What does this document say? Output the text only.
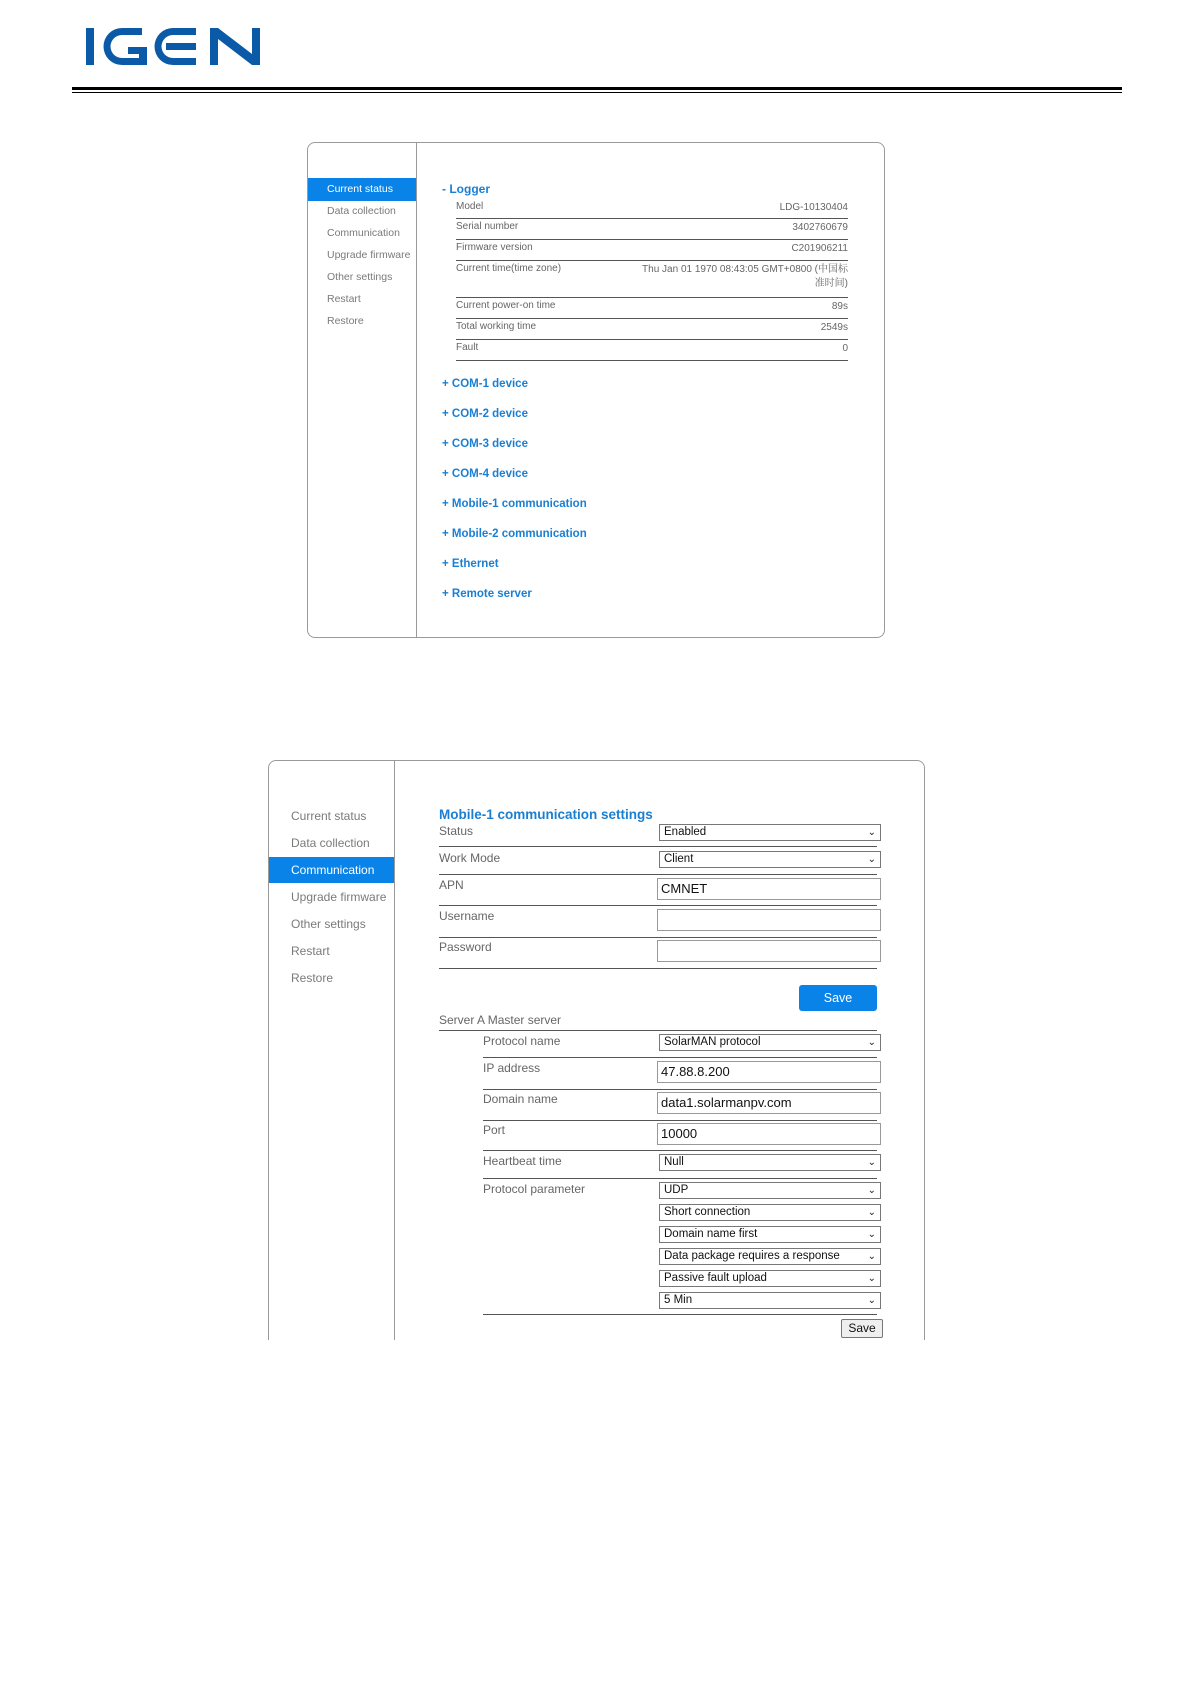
Current status
Data collection
Communication
Upgrade firmware
Other settings
Restart
Restore
- Logger
Model	LDG-10130404
Serial number	3402760679
Firmware version	C201906211
Current time(time zone)	Thu Jan 01 1970 08:43:05 GMT+0800 (中国标
准时间)
Current power-on time	89s
Total working time	2549s
Fault	0
+ COM-1 device
+ COM-2 device
+ COM-3 device
+ COM-4 device
+ Mobile-1 communication
+ Mobile-2 communication
+ Ethernet
+ Remote server
Current status
Data collection
Communication
Upgrade firmware
Other settings
Restart
Restore
Mobile-1 communication settings
Status	Enabled	⌄
Work Mode	Client	⌄
APN	CMNET
Username
Password
Save
Server A Master server
Protocol name	SolarMAN protocol	⌄
IP address	47.88.8.200
Domain name	data1.solarmanpv.com
Port	10000
Heartbeat time	Null	⌄
Protocol parameter	UDP	⌄
Short connection	⌄
Domain name first	⌄
Data package requires a response	⌄
Passive fault upload	⌄
5 Min	⌄
Save
